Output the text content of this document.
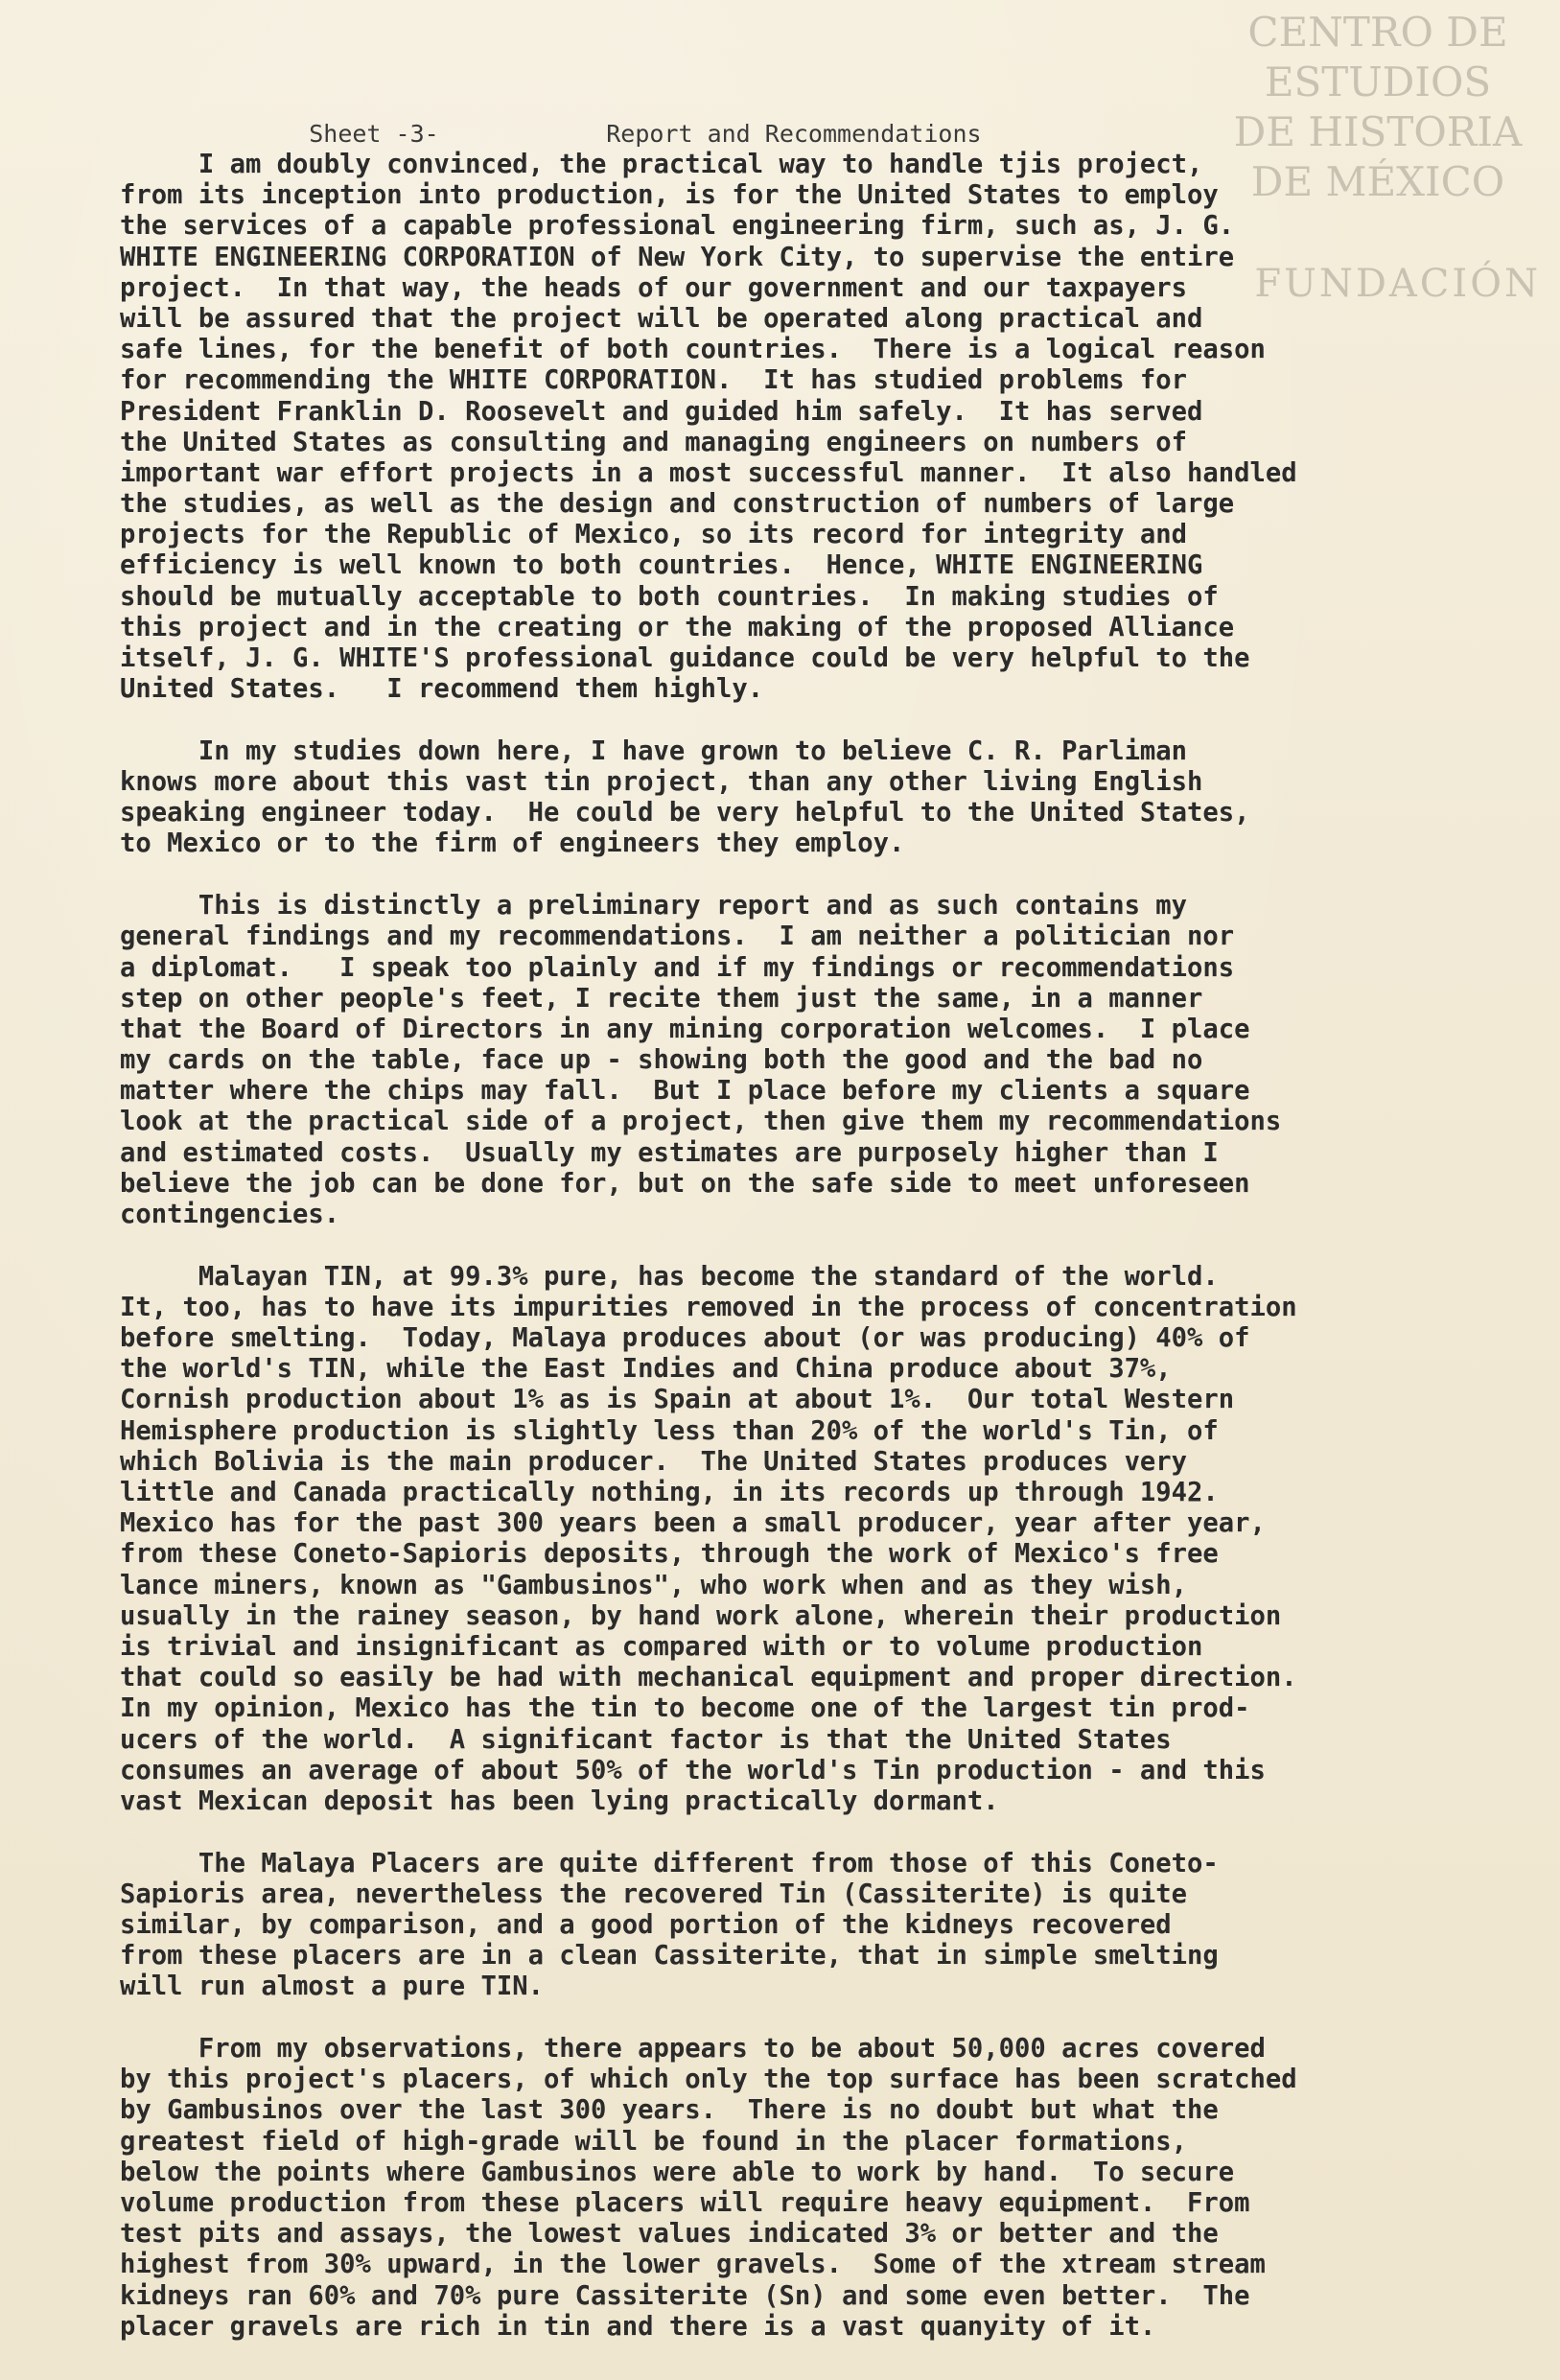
CENTRO DE
ESTUDIOS
DE HISTORIA
DE MÉXICO
FUNDACIÓN

Sheet -3-	Report and Recommendations

I am doubly convinced, the practical way to handle tjis project,
from its inception into production, is for the United States to employ
the services of a capable professional engineering firm, such as, J. G.
WHITE ENGINEERING CORPORATION of New York City, to supervise the entire
project.  In that way, the heads of our government and our taxpayers
will be assured that the project will be operated along practical and
safe lines, for the benefit of both countries.  There is a logical reason
for recommending the WHITE CORPORATION.  It has studied problems for
President Franklin D. Roosevelt and guided him safely.  It has served
the United States as consulting and managing engineers on numbers of
important war effort projects in a most successful manner.  It also handled
the studies, as well as the design and construction of numbers of large
projects for the Republic of Mexico, so its record for integrity and
efficiency is well known to both countries.  Hence, WHITE ENGINEERING
should be mutually acceptable to both countries.  In making studies of
this project and in the creating or the making of the proposed Alliance
itself, J. G. WHITE'S professional guidance could be very helpful to the
United States.   I recommend them highly.
In my studies down here, I have grown to believe C. R. Parliman
knows more about this vast tin project, than any other living English
speaking engineer today.  He could be very helpful to the United States,
to Mexico or to the firm of engineers they employ.
This is distinctly a preliminary report and as such contains my
general findings and my recommendations.  I am neither a politician nor
a diplomat.   I speak too plainly and if my findings or recommendations
step on other people's feet, I recite them just the same, in a manner
that the Board of Directors in any mining corporation welcomes.  I place
my cards on the table, face up - showing both the good and the bad no
matter where the chips may fall.  But I place before my clients a square
look at the practical side of a project, then give them my recommendations
and estimated costs.  Usually my estimates are purposely higher than I
believe the job can be done for, but on the safe side to meet unforeseen
contingencies.
Malayan TIN, at 99.3% pure, has become the standard of the world.
It, too, has to have its impurities removed in the process of concentration
before smelting.  Today, Malaya produces about (or was producing) 40% of
the world's TIN, while the East Indies and China produce about 37%,
Cornish production about 1% as is Spain at about 1%.  Our total Western
Hemisphere production is slightly less than 20% of the world's Tin, of
which Bolivia is the main producer.  The United States produces very
little and Canada practically nothing, in its records up through 1942.
Mexico has for the past 300 years been a small producer, year after year,
from these Coneto-Sapioris deposits, through the work of Mexico's free
lance miners, known as "Gambusinos", who work when and as they wish,
usually in the rainey season, by hand work alone, wherein their production
is trivial and insignificant as compared with or to volume production
that could so easily be had with mechanical equipment and proper direction.
In my opinion, Mexico has the tin to become one of the largest tin prod-
ucers of the world.  A significant factor is that the United States
consumes an average of about 50% of the world's Tin production - and this
vast Mexican deposit has been lying practically dormant.
The Malaya Placers are quite different from those of this Coneto-
Sapioris area, nevertheless the recovered Tin (Cassiterite) is quite
similar, by comparison, and a good portion of the kidneys recovered
from these placers are in a clean Cassiterite, that in simple smelting
will run almost a pure TIN.
From my observations, there appears to be about 50,000 acres covered
by this project's placers, of which only the top surface has been scratched
by Gambusinos over the last 300 years.  There is no doubt but what the
greatest field of high-grade will be found in the placer formations,
below the points where Gambusinos were able to work by hand.  To secure
volume production from these placers will require heavy equipment.  From
test pits and assays, the lowest values indicated 3% or better and the
highest from 30% upward, in the lower gravels.  Some of the xtream stream
kidneys ran 60% and 70% pure Cassiterite (Sn) and some even better.  The
placer gravels are rich in tin and there is a vast quanyity of it.
